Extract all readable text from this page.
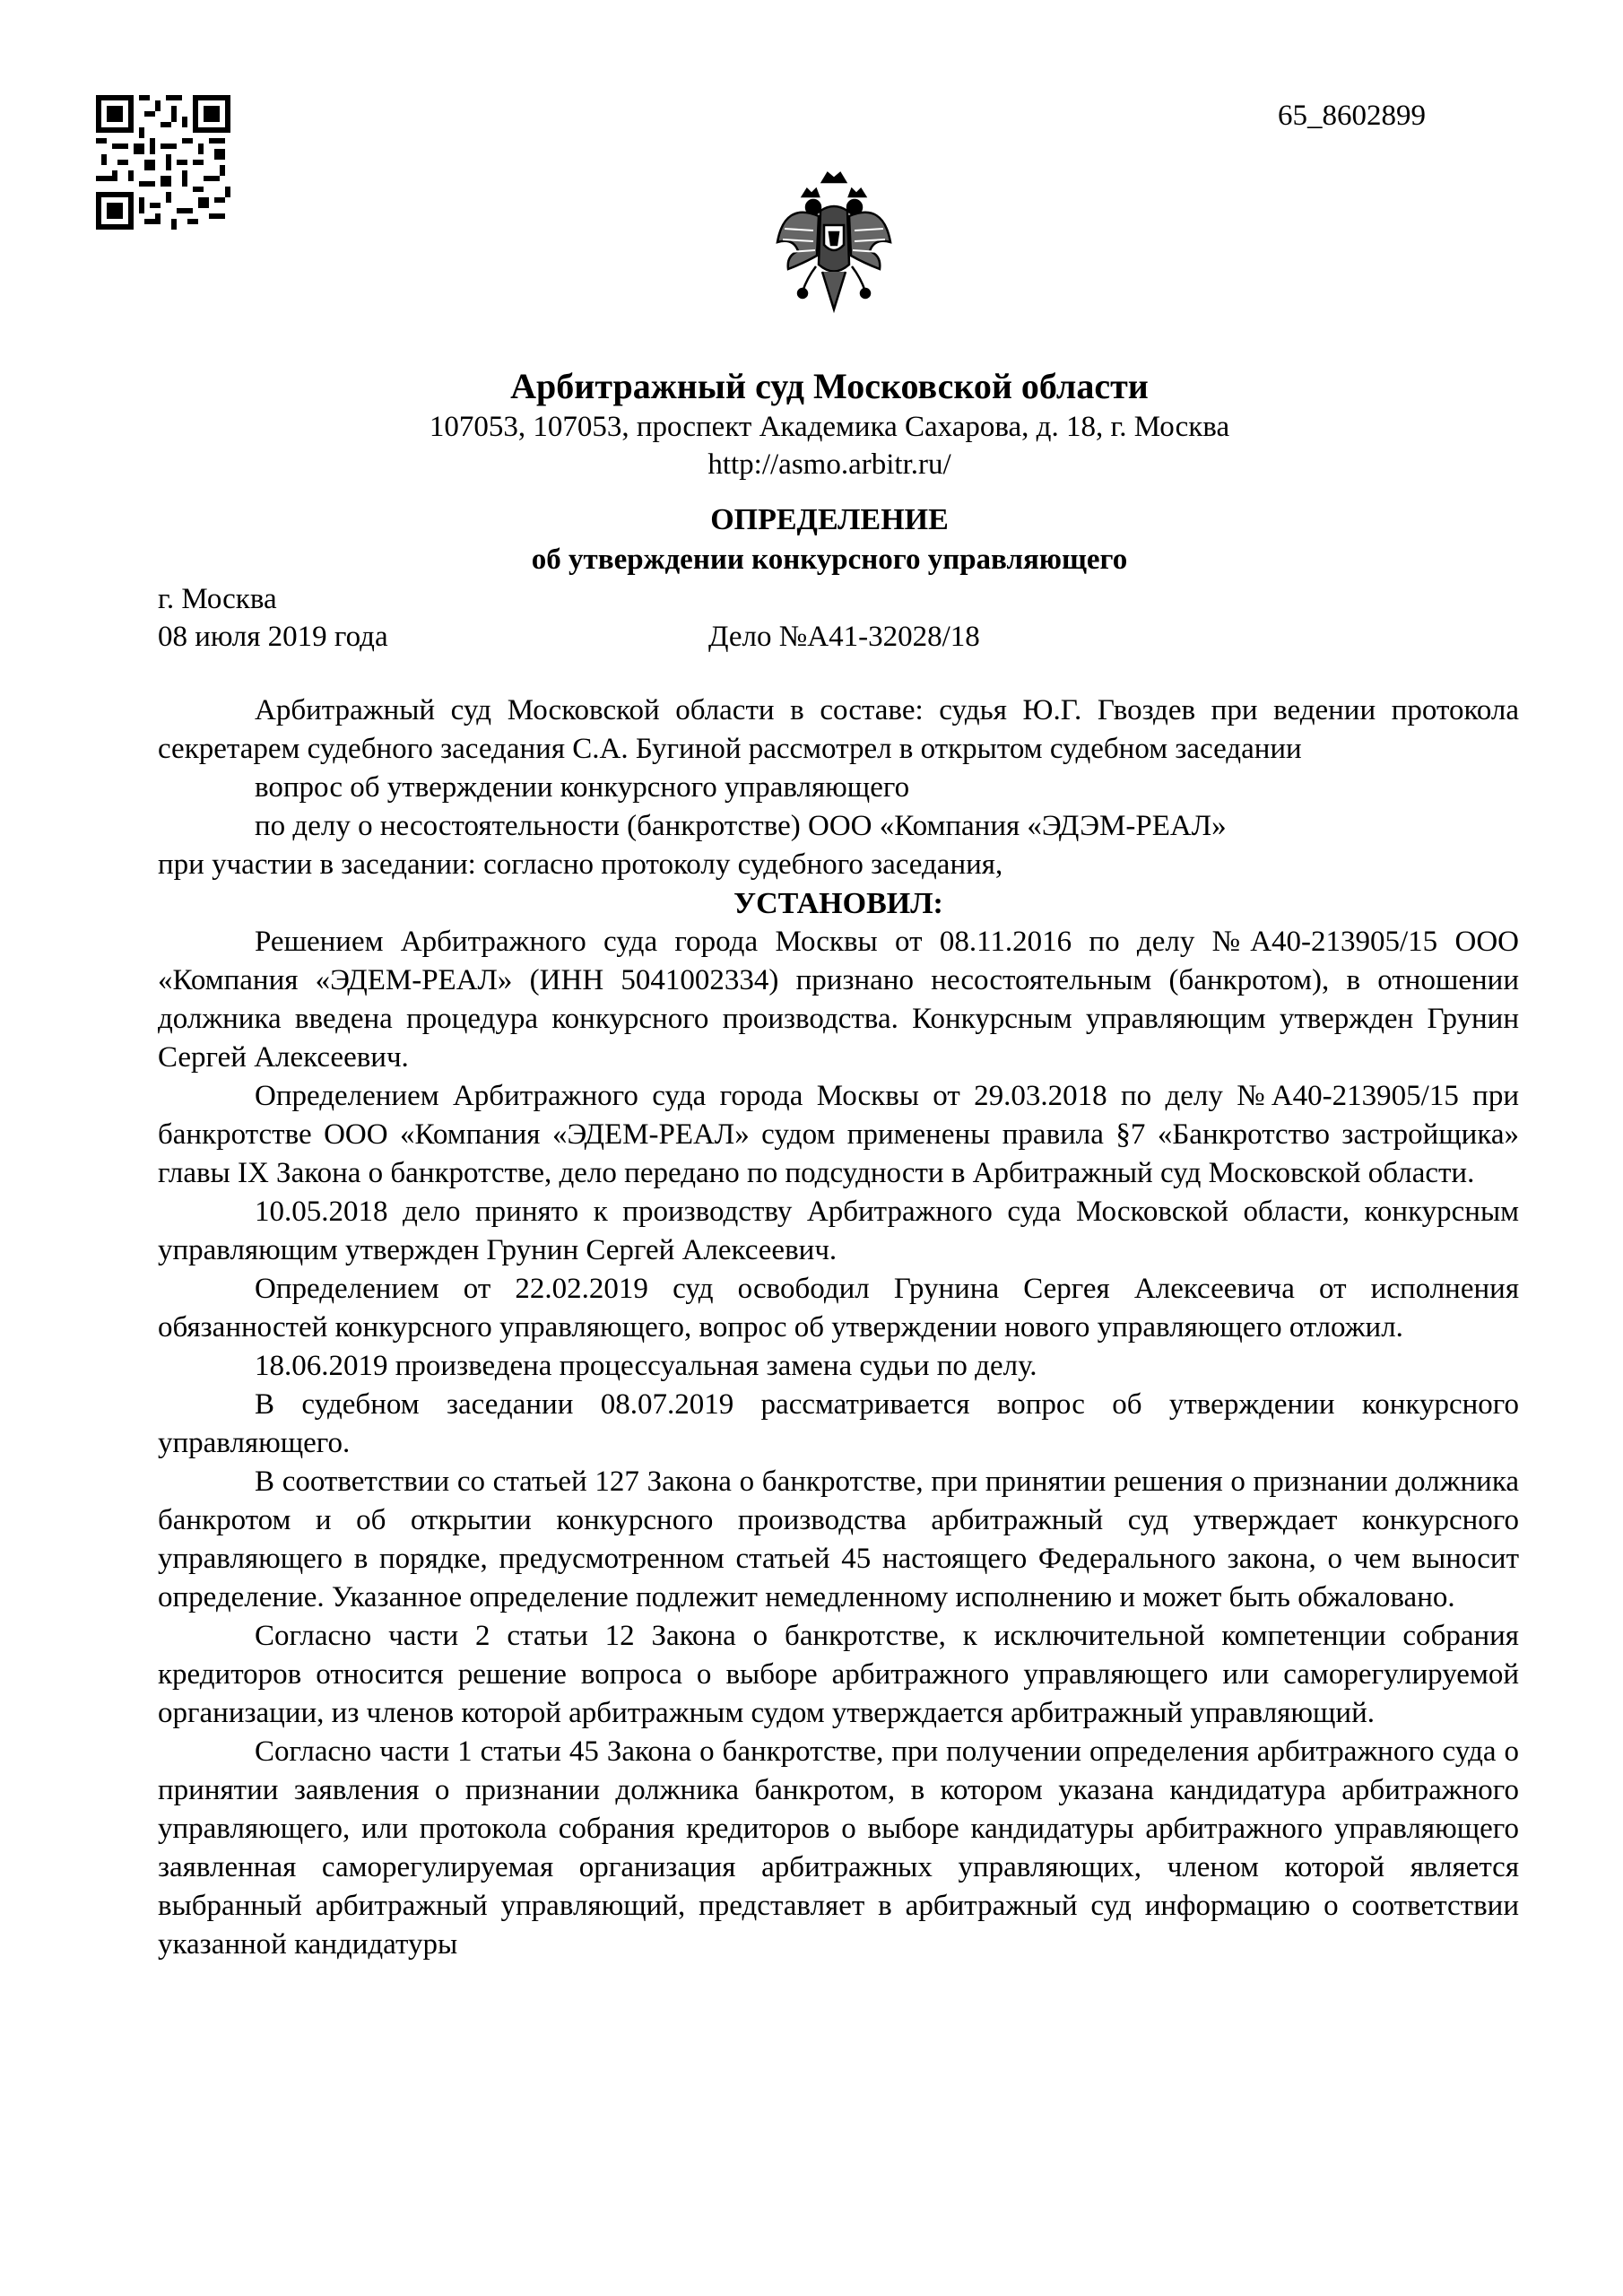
65_8602899
Арбитражный суд Московской области
107053, 107053, проспект Академика Сахарова, д. 18, г. Москва
http://asmo.arbitr.ru/
ОПРЕДЕЛЕНИЕ
об утверждении конкурсного управляющего
г. Москва
08 июля 2019 года	Дело №А41-32028/18

Арбитражный суд Московской области в составе: судья Ю.Г. Гвоздев при ведении протокола секретарем судебного заседания С.А. Бугиной рассмотрел в открытом судебном заседании

вопрос об утверждении конкурсного управляющего

по делу о несостоятельности (банкротстве) ООО «Компания «ЭДЭМ-РЕАЛ»

при участии в заседании: согласно протоколу судебного заседания,

УСТАНОВИЛ:

Решением Арбитражного суда города Москвы от 08.11.2016 по делу №А40-213905/15 ООО «Компания «ЭДЕМ-РЕАЛ» (ИНН 5041002334) признано несостоятельным (банкротом), в отношении должника введена процедура конкурсного производства. Конкурсным управляющим утвержден Грунин Сергей Алексеевич.

Определением Арбитражного суда города Москвы от 29.03.2018 по делу №А40-213905/15 при банкротстве ООО «Компания «ЭДЕМ-РЕАЛ» судом применены правила §7 «Банкротство застройщика» главы IX Закона о банкротстве, дело передано по подсудности в Арбитражный суд Московской области.

10.05.2018 дело принято к производству Арбитражного суда Московской области, конкурсным управляющим утвержден Грунин Сергей Алексеевич.

Определением от 22.02.2019 суд освободил Грунина Сергея Алексеевича от исполнения обязанностей конкурсного управляющего, вопрос об утверждении нового управляющего отложил.

18.06.2019 произведена процессуальная замена судьи по делу.

В судебном заседании 08.07.2019 рассматривается вопрос об утверждении конкурсного управляющего.

В соответствии со статьей 127 Закона о банкротстве, при принятии решения о признании должника банкротом и об открытии конкурсного производства арбитражный суд утверждает конкурсного управляющего в порядке, предусмотренном статьей 45 настоящего Федерального закона, о чем выносит определение. Указанное определение подлежит немедленному исполнению и может быть обжаловано.

Согласно части 2 статьи 12 Закона о банкротстве, к исключительной компетенции собрания кредиторов относится решение вопроса о выборе арбитражного управляющего или саморегулируемой организации, из членов которой арбитражным судом утверждается арбитражный управляющий.

Согласно части 1 статьи 45 Закона о банкротстве, при получении определения арбитражного суда о принятии заявления о признании должника банкротом, в котором указана кандидатура арбитражного управляющего, или протокола собрания кредиторов о выборе кандидатуры арбитражного управляющего заявленная саморегулируемая организация арбитражных управляющих, членом которой является выбранный арбитражный управляющий, представляет в арбитражный суд информацию о соответствии указанной кандидатуры
